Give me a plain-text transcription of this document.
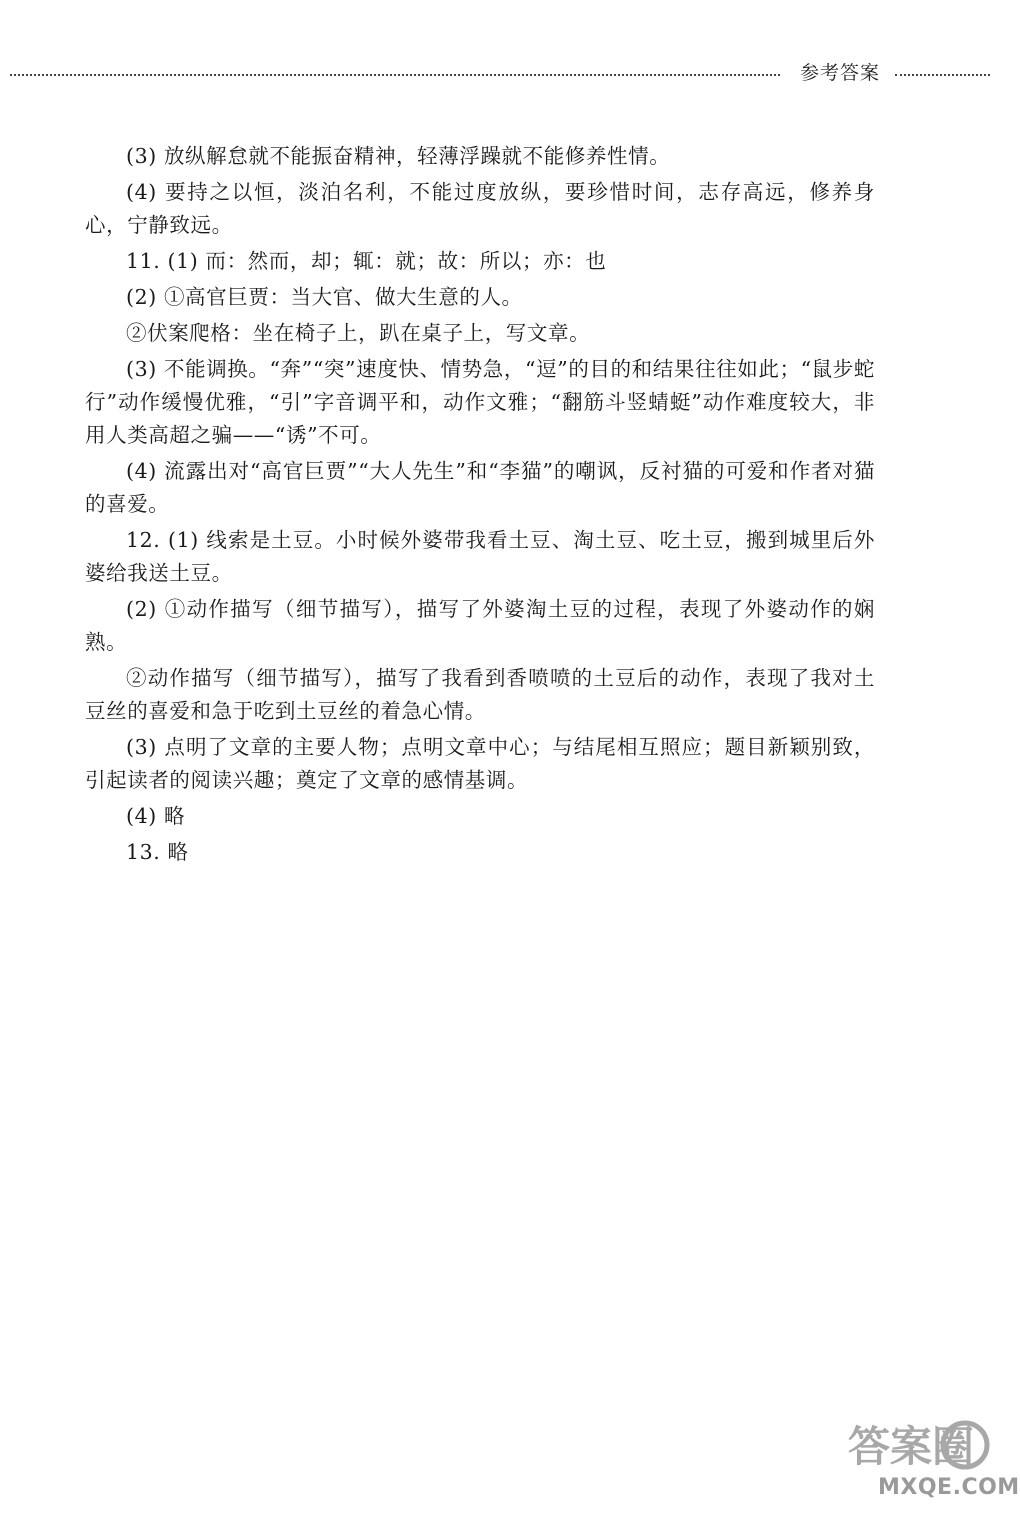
参考答案

(3) 放纵解怠就不能振奋精神，轻薄浮躁就不能修养性情。

(4) 要持之以恒，淡泊名利，不能过度放纵，要珍惜时间，志存高远，修养身心，宁静致远。

11. (1) 而：然而，却；辄：就；故：所以；亦：也

(2) ①高官巨贾：当大官、做大生意的人。

②伏案爬格：坐在椅子上，趴在桌子上，写文章。

(3) 不能调换。“奔”“突”速度快、情势急，“逗”的目的和结果往往如此；“鼠步蛇行”动作缓慢优雅，“引”字音调平和，动作文雅；“翻筋斗竖蜻蜓”动作难度较大，非用人类高超之骗——“诱”不可。

(4) 流露出对“高官巨贾”“大人先生”和“李猫”的嘲讽，反衬猫的可爱和作者对猫的喜爱。

12. (1) 线索是土豆。小时候外婆带我看土豆、淘土豆、吃土豆，搬到城里后外婆给我送土豆。

(2) ①动作描写（细节描写），描写了外婆淘土豆的过程，表现了外婆动作的娴熟。

②动作描写（细节描写），描写了我看到香喷喷的土豆后的动作，表现了我对土豆丝的喜爱和急于吃到土豆丝的着急心情。

(3) 点明了文章的主要人物；点明文章中心；与结尾相互照应；题目新颖别致，引起读者的阅读兴趣；奠定了文章的感情基调。

(4) 略

13. 略

答案圈
MXQE.COM
